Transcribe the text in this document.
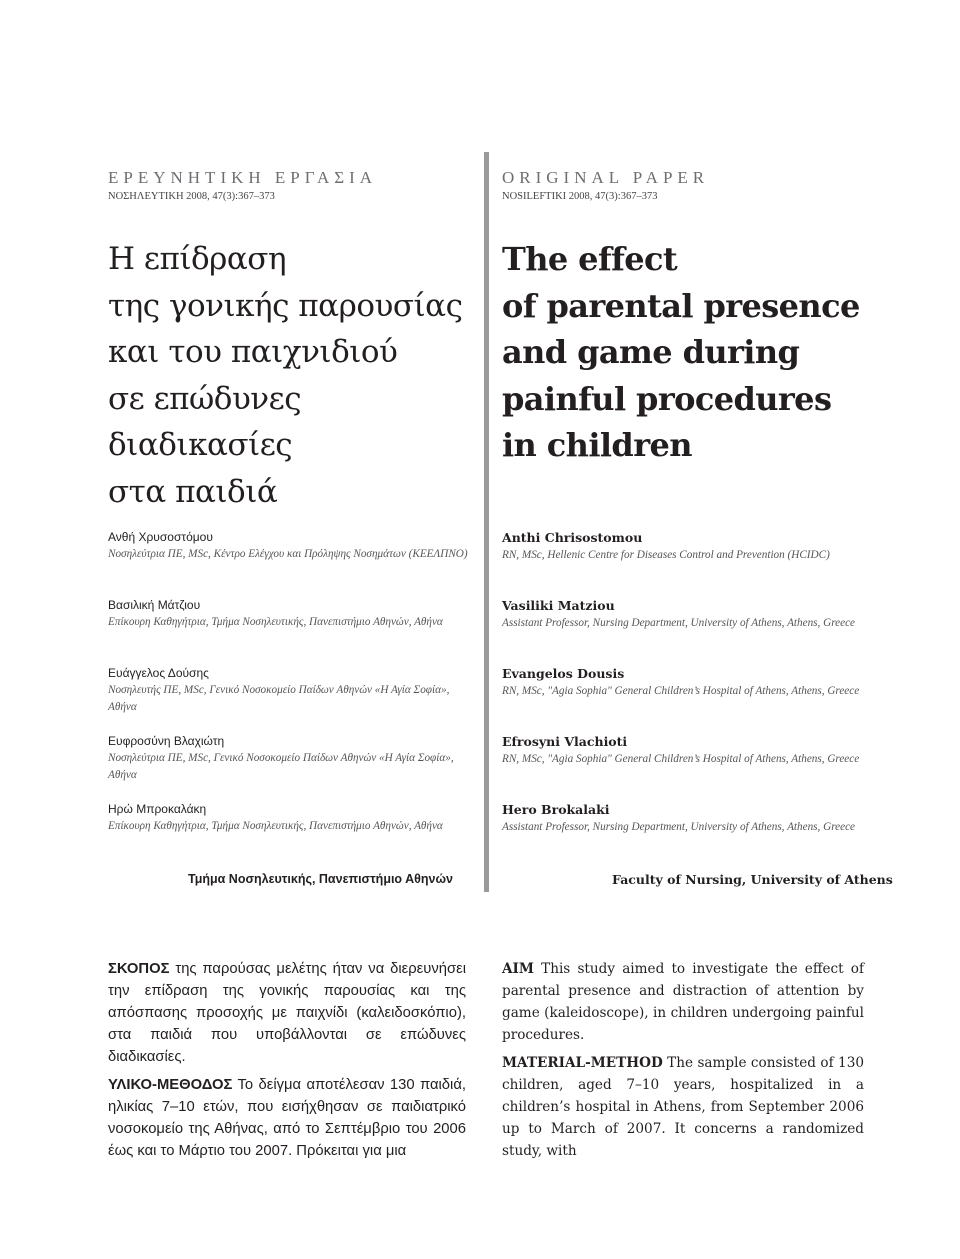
ΕΡΕΥΝΗΤΙΚΗ ΕΡΓΑΣΙΑ
ΝΟΣΗΛΕΥΤΙΚΗ 2008, 47(3):367–373
Η επίδραση
της γονικής παρουσίας
και του παιχνιδιού
σε επώδυνες
διαδικασίες
στα παιδιά
ORIGINAL PAPER
NOSILEFTIKI 2008, 47(3):367–373
The effect
of parental presence
and game during
painful procedures
in children
Ανθή Χρυσοστόμου
Νοσηλεύτρια ΠΕ, MSc, Κέντρο Ελέγχου και Πρόληψης Νοσημάτων (ΚΕΕΛΠΝΟ)
Βασιλική Μάτζιου
Επίκουρη Καθηγήτρια, Τμήμα Νοσηλευτικής, Πανεπιστήμιο Αθηνών, Αθήνα
Ευάγγελος Δούσης
Νοσηλευτής ΠΕ, MSc, Γενικό Νοσοκομείο Παίδων Αθηνών «Η Αγία Σοφία», Αθήνα
Ευφροσύνη Βλαχιώτη
Νοσηλεύτρια ΠΕ, MSc, Γενικό Νοσοκομείο Παίδων Αθηνών «Η Αγία Σοφία», Αθήνα
Ηρώ Μπροκαλάκη
Επίκουρη Καθηγήτρια, Τμήμα Νοσηλευτικής, Πανεπιστήμιο Αθηνών, Αθήνα
Τμήμα Νοσηλευτικής, Πανεπιστήμιο Αθηνών
Anthi Chrisostomou
RN, MSc, Hellenic Centre for Diseases Control and Prevention (HCIDC)
Vasiliki Matziou
Assistant Professor, Nursing Department, University of Athens, Athens, Greece
Evangelos Dousis
RN, MSc, "Agia Sophia" General Children’s Hospital of Athens, Athens, Greece
Efrosyni Vlachioti
RN, MSc, "Agia Sophia" General Children’s Hospital of Athens, Athens, Greece
Hero Brokalaki
Assistant Professor, Nursing Department, University of Athens, Athens, Greece
Faculty of Nursing, University of Athens

ΣΚΟΠΟΣ της παρούσας μελέτης ήταν να διερευνήσει την επίδραση της γονικής παρουσίας και της απόσπασης προσοχής με παιχνίδι (καλειδοσκόπιο), στα παιδιά που υποβάλλονται σε επώδυνες διαδικασίες.

ΥΛΙΚΟ-ΜΕΘΟΔΟΣ Το δείγμα αποτέλεσαν 130 παιδιά, ηλικίας 7–10 ετών, που εισήχθησαν σε παιδιατρικό νοσοκομείο της Αθήνας, από το Σεπτέμβριο του 2006 έως και το Μάρτιο του 2007. Πρόκειται για μια

AIM This study aimed to investigate the effect of parental presence and distraction of attention by game (kaleidoscope), in children undergoing painful procedures.

MATERIAL-METHOD The sample consisted of 130 children, aged 7–10 years, hospitalized in a children’s hospital in Athens, from September 2006 up to March of 2007. It concerns a randomized study, with
